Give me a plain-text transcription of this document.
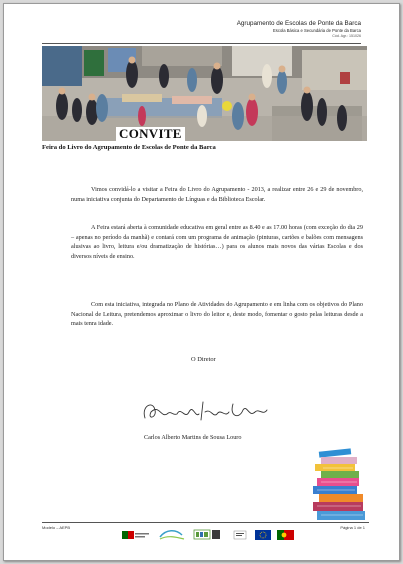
Agrupamento de Escolas de Ponte da Barca
Escola Básica e Secundária de Ponte da Barca
Cód. Agr.: 151026
CONVITE
Feira do Livro do Agrupamento de Escolas de Ponte da Barca
Vimos convidá-lo a visitar a Feira do Livro do Agrupamento - 2013, a realizar entre 26 e 29 de novembro, numa iniciativa conjunta do Departamento de Línguas e da Biblioteca Escolar.
A Feira estará aberta à comunidade educativa em geral entre as 8.40 e as 17.00 horas (com exceção do dia 29 – apenas no período da manhã) e contará com um programa de animação (pinturas, cartões e balões com mensagens alusivas ao livro, leitura e/ou dramatização de histórias…) para os alunos mais novos das várias Escolas e dos diversos níveis de ensino.
Com esta iniciativa, integrada no Plano de Atividades do Agrupamento e em linha com os objetivos do Plano Nacional de Leitura, pretendemos aproximar o livro do leitor e, deste modo, fomentar o gosto pelas leituras desde a mais tenra idade.
O Diretor
Carlos Alberto Martins de Sousa Louro
Modelo – AEPB	Página 1 de 1
